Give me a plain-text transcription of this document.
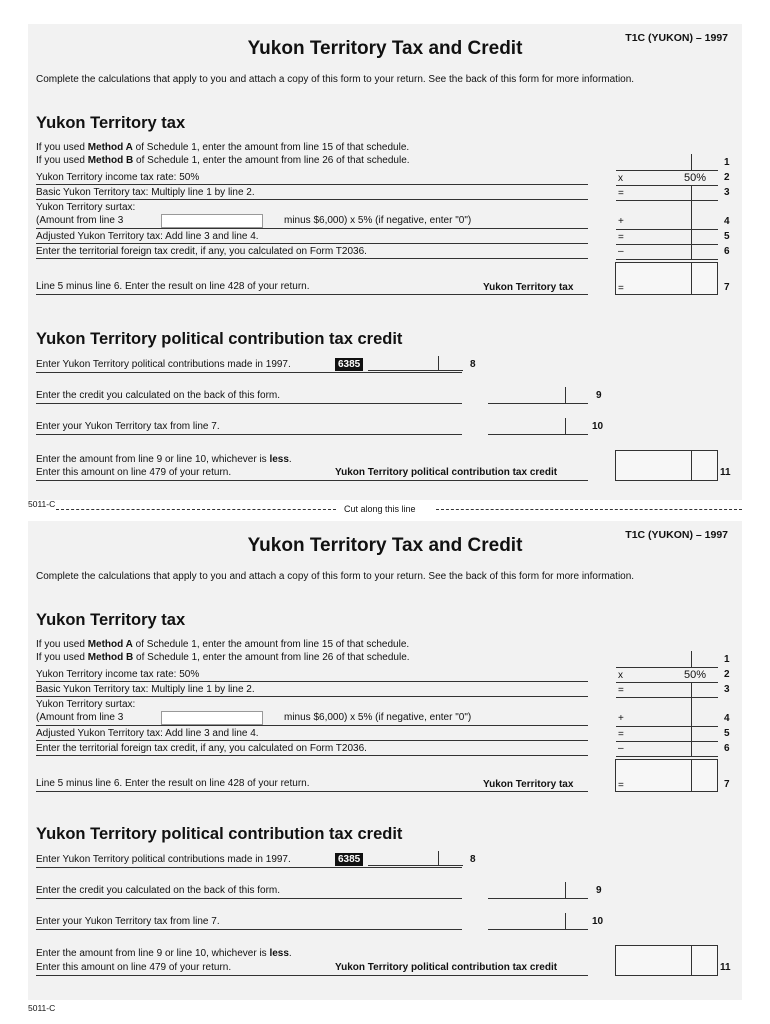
T1C (YUKON) – 1997
Yukon Territory Tax and Credit
Complete the calculations that apply to you and attach a copy of this form to your return. See the back of this form for more information.
Yukon Territory tax
If you used Method A of Schedule 1, enter the amount from line 15 of that schedule.
If you used Method B of Schedule 1, enter the amount from line 26 of that schedule.	1
Yukon Territory income tax rate: 50%	x	50% 2
Basic Yukon Territory tax: Multiply line 1 by line 2.	=	3
Yukon Territory surtax:
(Amount from line 3	minus $6,000) x 5% (if negative, enter "0")	+	4
Adjusted Yukon Territory tax: Add line 3 and line 4.	=	5
Enter the territorial foreign tax credit, if any, you calculated on Form T2036.	–	6
Line 5 minus line 6. Enter the result on line 428 of your return.	Yukon Territory tax	=	7
Yukon Territory political contribution tax credit
Enter Yukon Territory political contributions made in 1997.	6385	8
Enter the credit you calculated on the back of this form.	9
Enter your Yukon Territory tax from line 7.	10
Enter the amount from line 9 or line 10, whichever is less.
Enter this amount on line 479 of your return.	Yukon Territory political contribution tax credit	11
5011-C	Cut along this line
T1C (YUKON) – 1997
Yukon Territory Tax and Credit
Complete the calculations that apply to you and attach a copy of this form to your return. See the back of this form for more information.
Yukon Territory tax
If you used Method A of Schedule 1, enter the amount from line 15 of that schedule.
If you used Method B of Schedule 1, enter the amount from line 26 of that schedule.	1
Yukon Territory income tax rate: 50%	x	50% 2
Basic Yukon Territory tax: Multiply line 1 by line 2.	=	3
Yukon Territory surtax:
(Amount from line 3	minus $6,000) x 5% (if negative, enter "0")	+	4
Adjusted Yukon Territory tax: Add line 3 and line 4.	=	5
Enter the territorial foreign tax credit, if any, you calculated on Form T2036.	–	6
Line 5 minus line 6. Enter the result on line 428 of your return.	Yukon Territory tax	=	7
Yukon Territory political contribution tax credit
Enter Yukon Territory political contributions made in 1997.	6385	8
Enter the credit you calculated on the back of this form.	9
Enter your Yukon Territory tax from line 7.	10
Enter the amount from line 9 or line 10, whichever is less.
Enter this amount on line 479 of your return.	Yukon Territory political contribution tax credit	11
5011-C
